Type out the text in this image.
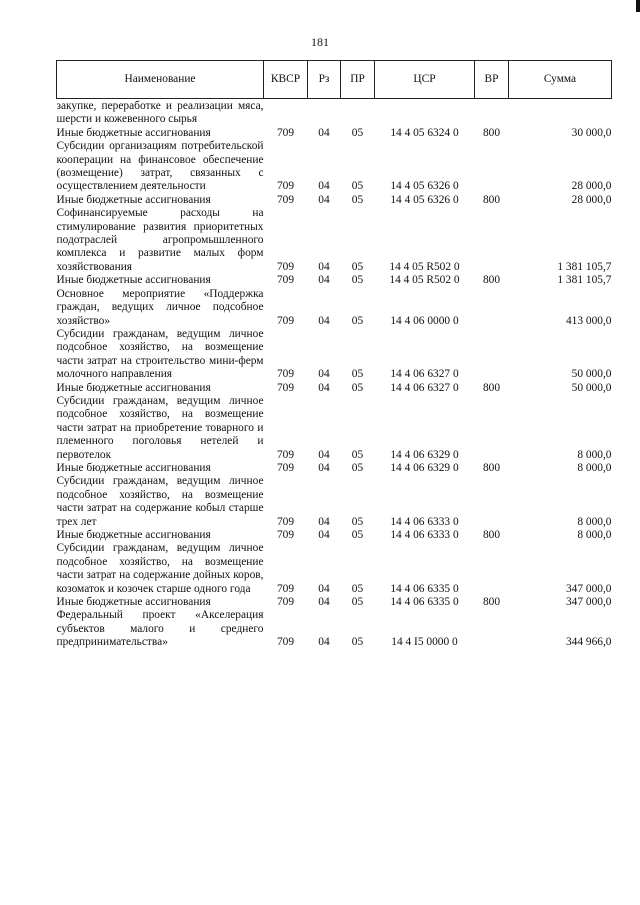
181
Наименование	КВСР	Рз	ПР	ЦСР	ВР	Сумма
закупке, переработке и реализации мяса, шерсти и кожевенного сырья						
Иные бюджетные ассигнования	709	04	05	14 4 05 6324 0	800	30 000,0
Субсидии организациям потребительской кооперации на финансовое обеспечение (возмещение) затрат, связанных с осуществлением деятельности	709	04	05	14 4 05 6326 0		28 000,0
Иные бюджетные ассигнования	709	04	05	14 4 05 6326 0	800	28 000,0
Софинансируемые расходы на стимулирование развития приоритетных подотраслей агропромышленного комплекса и развитие малых форм хозяйствования	709	04	05	14 4 05 R502 0		1 381 105,7
Иные бюджетные ассигнования	709	04	05	14 4 05 R502 0	800	1 381 105,7
Основное мероприятие «Поддержка граждан, ведущих личное подсобное хозяйство»	709	04	05	14 4 06 0000 0		413 000,0
Субсидии гражданам, ведущим личное подсобное хозяйство, на возмещение части затрат на строительство мини-ферм молочного направления	709	04	05	14 4 06 6327 0		50 000,0
Иные бюджетные ассигнования	709	04	05	14 4 06 6327 0	800	50 000,0
Субсидии гражданам, ведущим личное подсобное хозяйство, на возмещение части затрат на приобретение товарного и племенного поголовья нетелей и первотелок	709	04	05	14 4 06 6329 0		8 000,0
Иные бюджетные ассигнования	709	04	05	14 4 06 6329 0	800	8 000,0
Субсидии гражданам, ведущим личное подсобное хозяйство, на возмещение части затрат на содержание кобыл старше трех лет	709	04	05	14 4 06 6333 0		8 000,0
Иные бюджетные ассигнования	709	04	05	14 4 06 6333 0	800	8 000,0
Субсидии гражданам, ведущим личное подсобное хозяйство, на возмещение части затрат на содержание дойных коров, козоматок и козочек старше одного года	709	04	05	14 4 06 6335 0		347 000,0
Иные бюджетные ассигнования	709	04	05	14 4 06 6335 0	800	347 000,0
Федеральный проект «Акселерация субъектов малого и среднего предпринимательства»	709	04	05	14 4 I5 0000 0		344 966,0
